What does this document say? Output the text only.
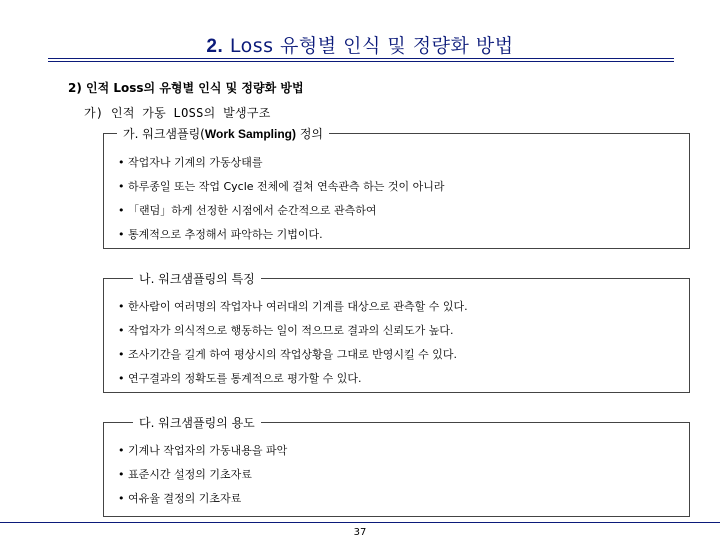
2. Loss 유형별 인식 및 정량화 방법
2) 인적 Loss의 유형별 인식 및 정량화 방법
가) 인적 가동 LOSS의 발생구조
가. 워크샘플링(Work Sampling) 정의
• 작업자나 기계의 가동상태를
• 하루종일 또는 작업 Cycle 전체에 걸쳐 연속관측 하는 것이 아니라
• 「랜덤」하게 선정한 시점에서 순간적으로 관측하여
• 통계적으로 추정해서 파악하는 기법이다.
나. 워크샘플링의 특징
• 한사람이 여러명의 작업자나 여러대의 기계를 대상으로 관측할 수 있다.
• 작업자가 의식적으로 행동하는 일이 적으므로 결과의 신뢰도가 높다.
• 조사기간을 길게 하여 평상시의 작업상황을 그대로 반영시킬 수 있다.
• 연구결과의 정확도를 통계적으로 평가할 수 있다.
다. 워크샘플링의 용도
• 기계나 작업자의 가동내용을 파악
• 표준시간 설정의 기초자료
• 여유율 결정의 기초자료
37
